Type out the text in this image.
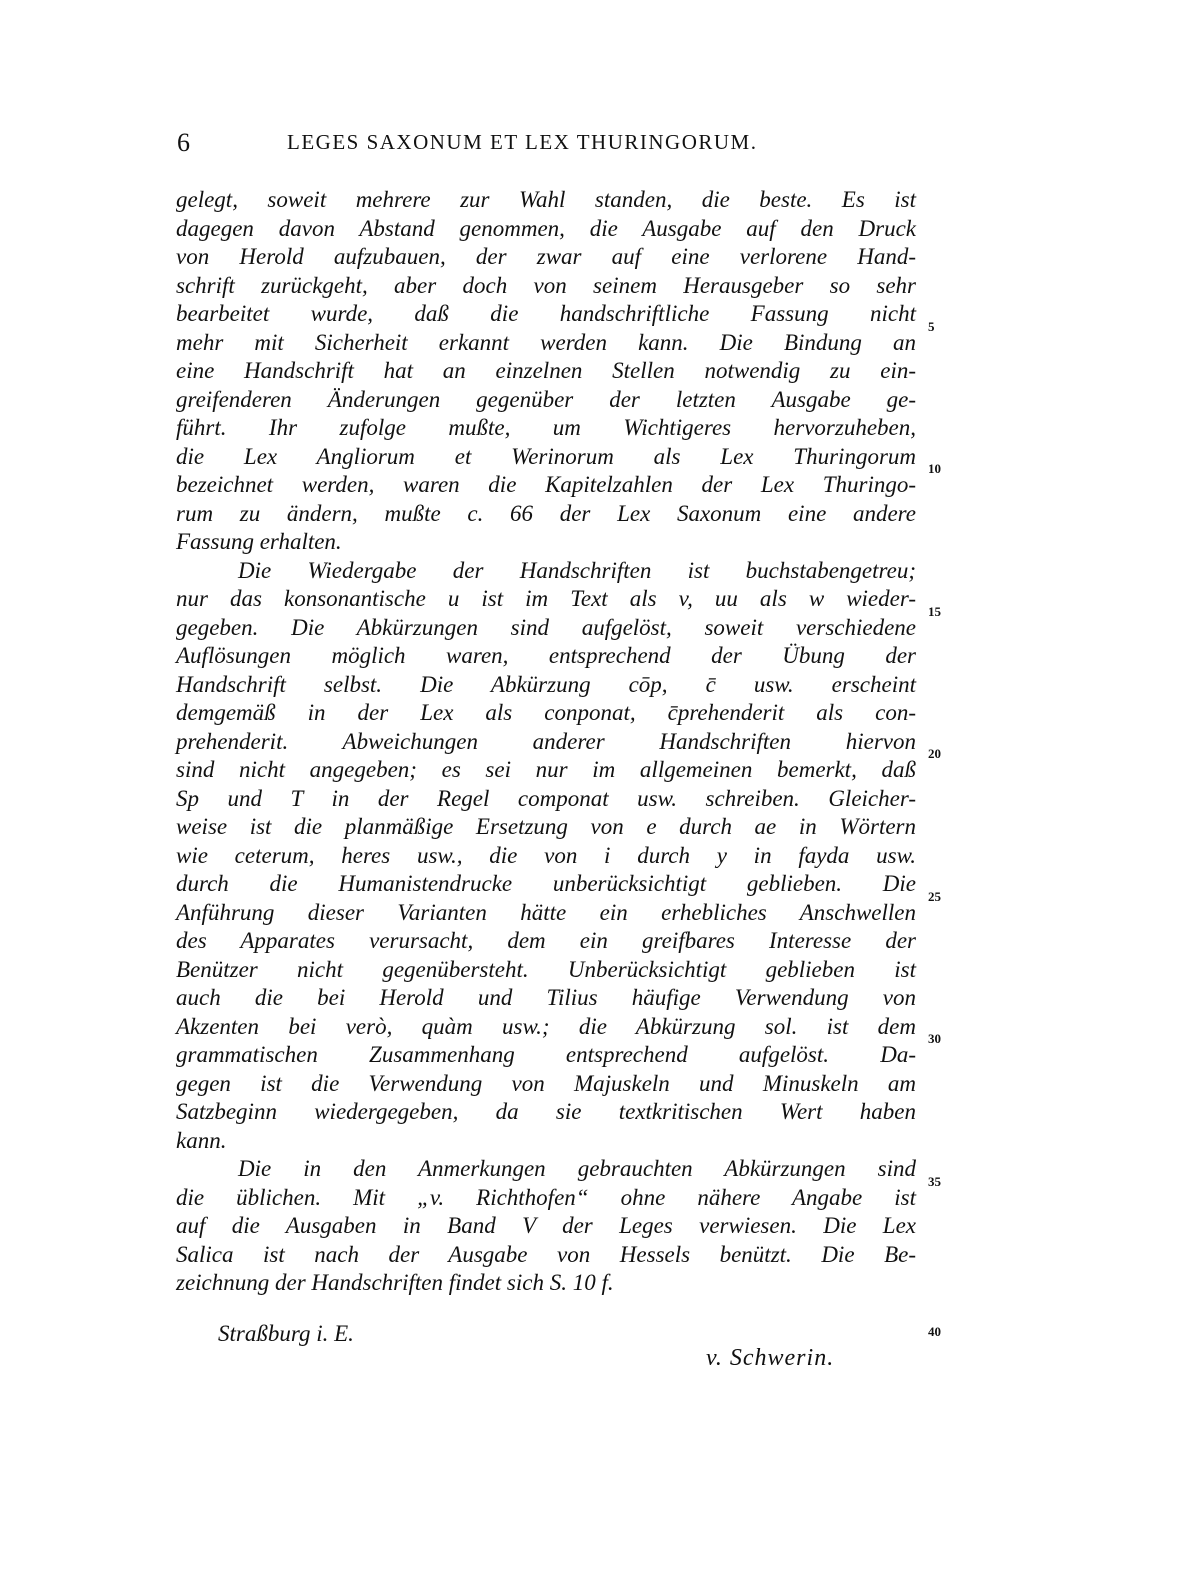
6	LEGES SAXONUM ET LEX THURINGORUM.
gelegt, soweit mehrere zur Wahl standen, die beste. Es ist
dagegen davon Abstand genommen, die Ausgabe auf den Druck
von Herold aufzubauen, der zwar auf eine verlorene Hand-
schrift zurückgeht, aber doch von seinem Herausgeber so sehr
bearbeitet wurde, daß die handschriftliche Fassung nicht
mehr mit Sicherheit erkannt werden kann. Die Bindung an
eine Handschrift hat an einzelnen Stellen notwendig zu ein-
greifenderen Änderungen gegenüber der letzten Ausgabe ge-
führt. Ihr zufolge mußte, um Wichtigeres hervorzuheben,
die Lex Angliorum et Werinorum als Lex Thuringorum
bezeichnet werden, waren die Kapitelzahlen der Lex Thuringo-
rum zu ändern, mußte c. 66 der Lex Saxonum eine andere
Fassung erhalten.
Die Wiedergabe der Handschriften ist buchstabengetreu;
nur das konsonantische u ist im Text als v, uu als w wieder-
gegeben. Die Abkürzungen sind aufgelöst, soweit verschiedene
Auflösungen möglich waren, entsprechend der Übung der
Handschrift selbst. Die Abkürzung cōp, c̄ usw. erscheint
demgemäß in der Lex als conponat, c̄prehenderit als con-
prehenderit. Abweichungen anderer Handschriften hiervon
sind nicht angegeben; es sei nur im allgemeinen bemerkt, daß
Sp und T in der Regel componat usw. schreiben. Gleicher-
weise ist die planmäßige Ersetzung von e durch ae in Wörtern
wie ceterum, heres usw., die von i durch y in fayda usw.
durch die Humanistendrucke unberücksichtigt geblieben. Die
Anführung dieser Varianten hätte ein erhebliches Anschwellen
des Apparates verursacht, dem ein greifbares Interesse der
Benützer nicht gegenübersteht. Unberücksichtigt geblieben ist
auch die bei Herold und Tilius häufige Verwendung von
Akzenten bei verò, quàm usw.; die Abkürzung sol. ist dem
grammatischen Zusammenhang entsprechend aufgelöst. Da-
gegen ist die Verwendung von Majuskeln und Minuskeln am
Satzbeginn wiedergegeben, da sie textkritischen Wert haben
kann.
Die in den Anmerkungen gebrauchten Abkürzungen sind
die üblichen. Mit „v. Richthofen“ ohne nähere Angabe ist
auf die Ausgaben in Band V der Leges verwiesen. Die Lex
Salica ist nach der Ausgabe von Hessels benützt. Die Be-
zeichnung der Handschriften findet sich S. 10 f.
5
10
15
20
25
30
35
40
Straßburg i. E.
v. Schwerin.
